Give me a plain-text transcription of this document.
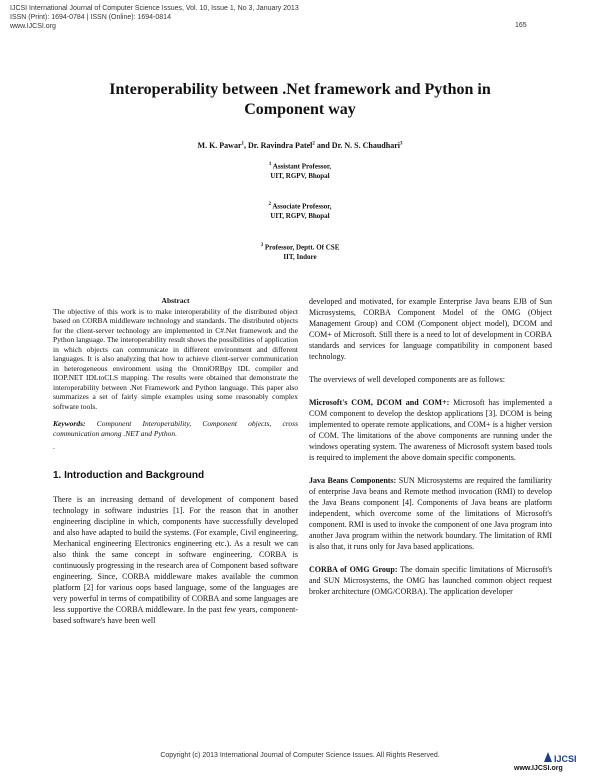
IJCSI International Journal of Computer Science Issues, Vol. 10, Issue 1, No 3, January 2013
ISSN (Print): 1694-0784 | ISSN (Online): 1694-0814
www.IJCSI.org	165
Interoperability between .Net framework and Python in
Component way
M. K. Pawar$^1$, Dr. Ravindra Patel$^2$ and Dr. N. S. Chaudhari$^3$
$^1$ Assistant Professor,
UIT, RGPV, Bhopal
$^2$ Associate Professor,
UIT, RGPV, Bhopal
$^3$ Professor, Deptt. Of CSE
IIT, Indore
Abstract
The objective of this work is to make interoperability of the distributed object based on CORBA middleware technology and standards. The distributed objects for the client-server technology are implemented in C#.Net framework and the Python language. The interoperability result shows the possibilities of application in which objects can communicate in different environment and different languages. It is also analyzing that how to achieve client-server communication in heterogeneous environment using the OmniORBpy IDL compiler and IIOP.NET IDLtoCLS mapping. The results were obtained that demonstrate the interoperability between .Net Framework and Python language. This paper also summarizes a set of fairly simple examples using some reasonably complex software tools.
Keywords: Component Interoperability, Component objects, cross communication among .NET and Python.
.
1. Introduction and Background
There is an increasing demand of development of component based technology in software industries [1]. For the reason that in another engineering discipline in which, components have successfully developed and also have adapted to build the systems. (For example, Civil engineering, Mechanical engineering Electronics engineering etc.). As a result we can also think the same concept in software engineering. CORBA is continuously progressing in the research area of Component based software engineering. Since, CORBA middleware makes available the common platform [2] for various oops based language, some of the languages are very powerful in terms of compatibility of CORBA and some languages are less supportive the CORBA middleware. In the past few years, component-based software's have been well
developed and motivated, for example Enterprise Java beans EJB of Sun Microsystems, CORBA Component Model of the OMG (Object Management Group) and COM (Component object model), DCOM and COM+ of Microsoft. Still there is a need to lot of development in CORBA standards and services for language compatibility in component based technology.
The overviews of well developed components are as follows:
Microsoft's COM, DCOM and COM+: Microsoft has implemented a COM component to develop the desktop applications [3]. DCOM is being implemented to operate remote applications, and COM+ is a higher version of COM. The limitations of the above components are running under the windows operating system. The awareness of Microsoft system based tools is required to implement the above domain specific components.
Java Beans Components: SUN Microsystems are required the familiarity of enterprise Java beans and Remote method invocation (RMI) to develop the Java Beans component [4]. Components of Java beans are platform independent, which overcome some of the limitations of Microsoft's component. RMI is used to invoke the component of one Java program into another Java program within the network boundary. The limitation of RMI is also that, it runs only for Java based applications.
CORBA of OMG Group: The domain specific limitations of Microsoft's and SUN Microsystems, the OMG has launched common object request broker architecture (OMG/CORBA). The application developer
Copyright (c) 2013 International Journal of Computer Science Issues. All Rights Reserved.	IJCSI
www.IJCSI.org
